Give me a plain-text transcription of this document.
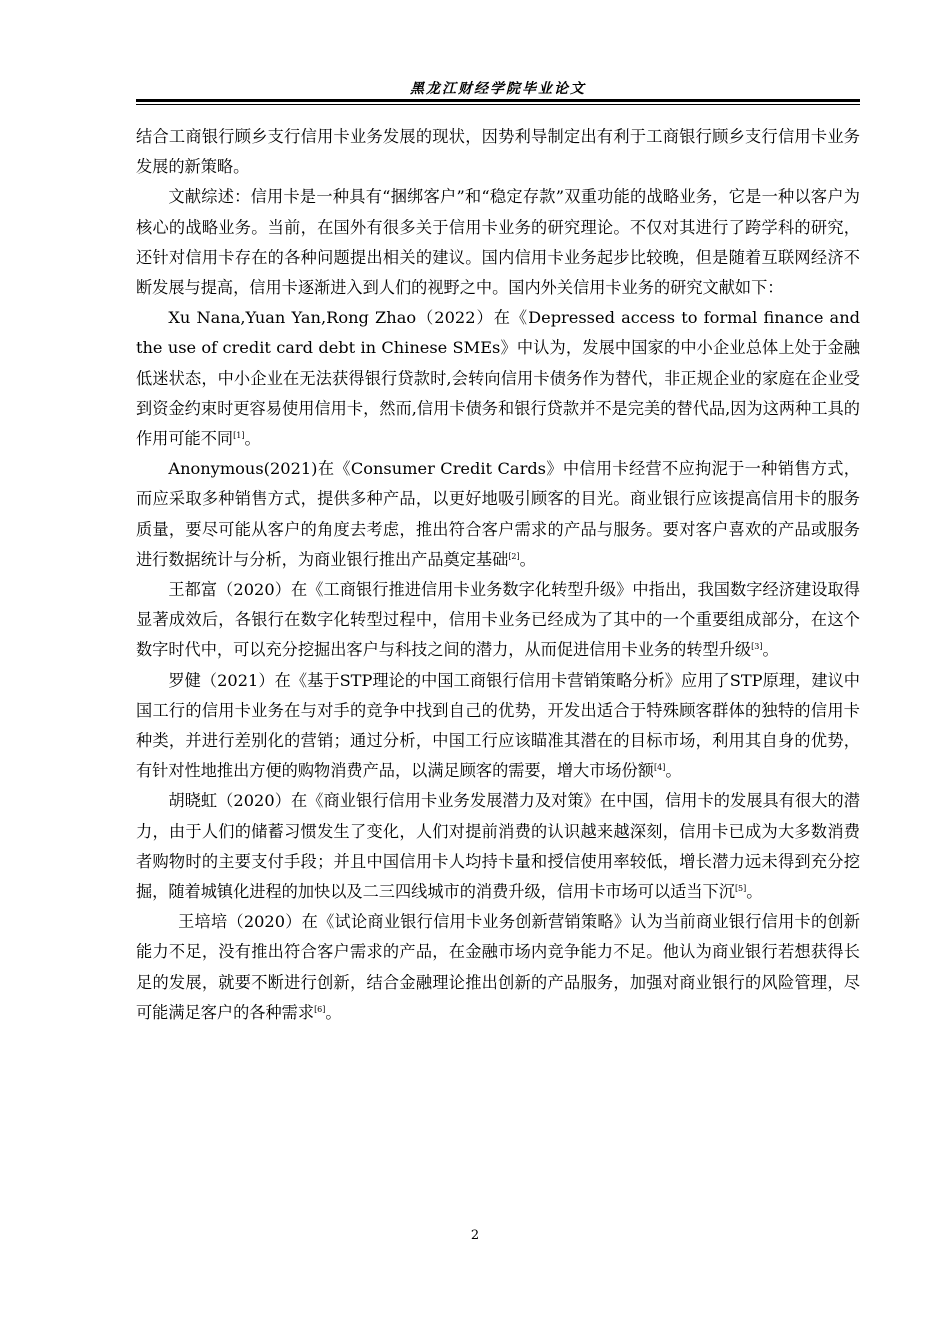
黑龙江财经学院毕业论文

结合工商银行顾乡支行信用卡业务发展的现状，因势利导制定出有利于工商银行顾乡支行信用卡业务发展的新策略。

文献综述：信用卡是一种具有“捆绑客户”和“稳定存款”双重功能的战略业务，它是一种以客户为核心的战略业务。当前，在国外有很多关于信用卡业务的研究理论。不仅对其进行了跨学科的研究，还针对信用卡存在的各种问题提出相关的建议。国内信用卡业务起步比较晚，但是随着互联网经济不断发展与提高，信用卡逐渐进入到人们的视野之中。国内外关信用卡业务的研究文献如下：

Xu Nana,Yuan Yan,Rong Zhao（2022）在《Depressed access to formal finance and the use of credit card debt in Chinese SMEs》中认为，发展中国家的中小企业总体上处于金融低迷状态，中小企业在无法获得银行贷款时,会转向信用卡债务作为替代，非正规企业的家庭在企业受到资金约束时更容易使用信用卡，然而,信用卡债务和银行贷款并不是完美的替代品,因为这两种工具的作用可能不同[1]。

Anonymous(2021)在《Consumer Credit Cards》中信用卡经营不应拘泥于一种销售方式，而应采取多种销售方式，提供多种产品，以更好地吸引顾客的目光。商业银行应该提高信用卡的服务质量，要尽可能从客户的角度去考虑，推出符合客户需求的产品与服务。要对客户喜欢的产品或服务进行数据统计与分析，为商业银行推出产品奠定基础[2]。

王都富（2020）在《工商银行推进信用卡业务数字化转型升级》中指出，我国数字经济建设取得显著成效后，各银行在数字化转型过程中，信用卡业务已经成为了其中的一个重要组成部分，在这个数字时代中，可以充分挖掘出客户与科技之间的潜力，从而促进信用卡业务的转型升级[3]。

罗健（2021）在《基于STP理论的中国工商银行信用卡营销策略分析》应用了STP原理，建议中国工行的信用卡业务在与对手的竞争中找到自己的优势，开发出适合于特殊顾客群体的独特的信用卡种类，并进行差别化的营销；通过分析，中国工行应该瞄准其潜在的目标市场，利用其自身的优势，有针对性地推出方便的购物消费产品，以满足顾客的需要，增大市场份额[4]。

胡晓虹（2020）在《商业银行信用卡业务发展潜力及对策》在中国，信用卡的发展具有很大的潜力，由于人们的储蓄习惯发生了变化，人们对提前消费的认识越来越深刻，信用卡已成为大多数消费者购物时的主要支付手段；并且中国信用卡人均持卡量和授信使用率较低，增长潜力远未得到充分挖掘，随着城镇化进程的加快以及二三四线城市的消费升级，信用卡市场可以适当下沉[5]。

王培培（2020）在《试论商业银行信用卡业务创新营销策略》认为当前商业银行信用卡的创新能力不足，没有推出符合客户需求的产品，在金融市场内竞争能力不足。他认为商业银行若想获得长足的发展，就要不断进行创新，结合金融理论推出创新的产品服务，加强对商业银行的风险管理，尽可能满足客户的各种需求[6]。

2
